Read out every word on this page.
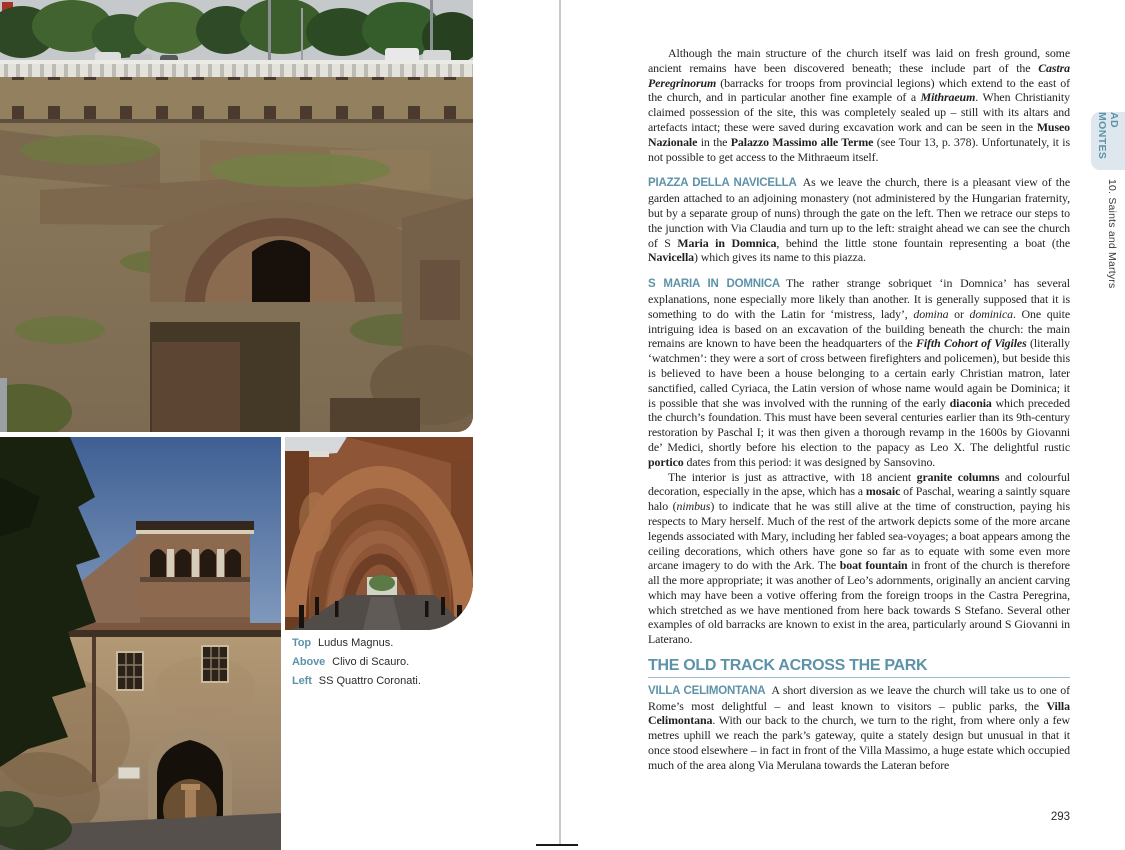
Top Ludus Magnus.
Above Clivo di Scauro.
Left SS Quattro Coronati.
AD MONTES
10. Saints and Martyrs

Although the main structure of the church itself was laid on fresh ground, some ancient remains have been discovered beneath; these include part of the Castra Peregrinorum (barracks for troops from provincial legions) which extend to the east of the church, and in particular another fine example of a Mithraeum. When Christianity claimed possession of the site, this was completely sealed up – still with its altars and artefacts intact; these were saved during excavation work and can be seen in the Museo Nazionale in the Palazzo Massimo alle Terme (see Tour 13, p. 378). Unfortunately, it is not possible to get access to the Mithraeum itself.

PIAZZA DELLA NAVICELLA As we leave the church, there is a pleasant view of the garden attached to an adjoining monastery (not administered by the Hungarian fraternity, but by a separate group of nuns) through the gate on the left. Then we retrace our steps to the junction with Via Claudia and turn up to the left: straight ahead we can see the church of S Maria in Domnica, behind the little stone fountain representing a boat (the Navicella) which gives its name to this piazza.

S MARIA IN DOMNICA The rather strange sobriquet ‘in Domnica’ has several explanations, none especially more likely than another. It is generally supposed that it is something to do with the Latin for ‘mistress, lady’, domina or dominica. One quite intriguing idea is based on an excavation of the building beneath the church: the main remains are known to have been the headquarters of the Fifth Cohort of Vigiles (literally ‘watchmen’: they were a sort of cross between firefighters and policemen), but beside this is believed to have been a house belonging to a certain early Christian matron, later sanctified, called Cyriaca, the Latin version of whose name would again be Dominica; it is possible that she was involved with the running of the early diaconia which preceded the church’s foundation. This must have been several centuries earlier than its 9th-century restoration by Paschal I; it was then given a thorough revamp in the 1600s by Giovanni de’ Medici, shortly before his election to the papacy as Leo X. The delightful rustic portico dates from this period: it was designed by Sansovino.

The interior is just as attractive, with 18 ancient granite columns and colourful decoration, especially in the apse, which has a mosaic of Paschal, wearing a saintly square halo (nimbus) to indicate that he was still alive at the time of construction, paying his respects to Mary herself. Much of the rest of the artwork depicts some of the more arcane legends associated with Mary, including her fabled sea-voyages; a boat appears among the ceiling decorations, which others have gone so far as to equate with some even more arcane imagery to do with the Ark. The boat fountain in front of the church is therefore all the more appropriate; it was another of Leo’s adornments, originally an ancient carving which may have been a votive offering from the foreign troops in the Castra Peregrina, which stretched as we have mentioned from here back towards S Stefano. Several other examples of old barracks are known to exist in the area, particularly around S Giovanni in Laterano.

THE OLD TRACK ACROSS THE PARK

VILLA CELIMONTANA A short diversion as we leave the church will take us to one of Rome’s most delightful – and least known to visitors – public parks, the Villa Celimontana. With our back to the church, we turn to the right, from where only a few metres uphill we reach the park’s gateway, quite a stately design but unusual in that it once stood elsewhere – in fact in front of the Villa Massimo, a huge estate which occupied much of the area along Via Merulana towards the Lateran before

293
